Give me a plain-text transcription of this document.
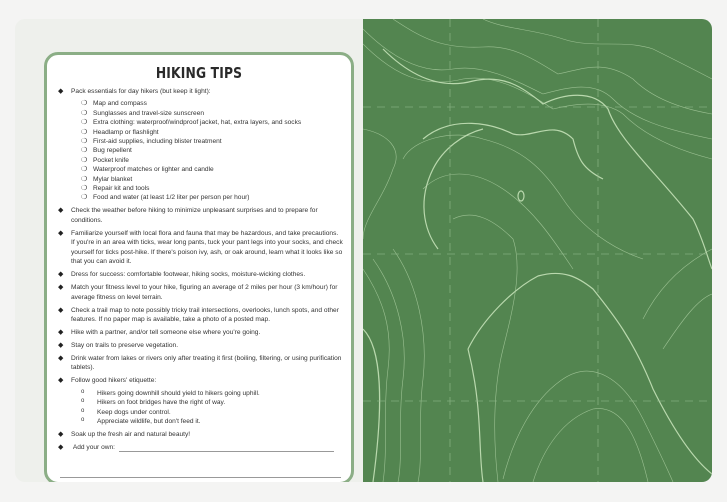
HIKING TIPS
◆ Pack essentials for day hikers (but keep it light):
❍ Map and compass
❍ Sunglasses and travel-size sunscreen
❍ Extra clothing: waterproof/windproof jacket, hat, extra layers, and socks
❍ Headlamp or flashlight
❍ First-aid supplies, including blister treatment
❍ Bug repellent
❍ Pocket knife
❍ Waterproof matches or lighter and candle
❍ Mylar blanket
❍ Repair kit and tools
❍ Food and water (at least 1/2 liter per person per hour)
◆ Check the weather before hiking to minimize unpleasant surprises and to prepare for conditions.
◆ Familiarize yourself with local flora and fauna that may be hazardous, and take precautions. If you're in an area with ticks, wear long pants, tuck your pant legs into your socks, and check yourself for ticks post-hike. If there's poison ivy, ash, or oak around, learn what it looks like so that you can avoid it.
◆ Dress for success: comfortable footwear, hiking socks, moisture-wicking clothes.
◆ Match your fitness level to your hike, figuring an average of 2 miles per hour (3 km/hour) for average fitness on level terrain.
◆ Check a trail map to note possibly tricky trail intersections, overlooks, lunch spots, and other features. If no paper map is available, take a photo of a posted map.
◆ Hike with a partner, and/or tell someone else where you're going.
◆ Stay on trails to preserve vegetation.
◆ Drink water from lakes or rivers only after treating it first (boiling, filtering, or using purification tablets).
◆ Follow good hikers' etiquette:
o Hikers going downhill should yield to hikers going uphill.
o Hikers on foot bridges have the right of way.
o Keep dogs under control.
o Appreciate wildlife, but don't feed it.
◆ Soak up the fresh air and natural beauty!
◆ Add your own:
